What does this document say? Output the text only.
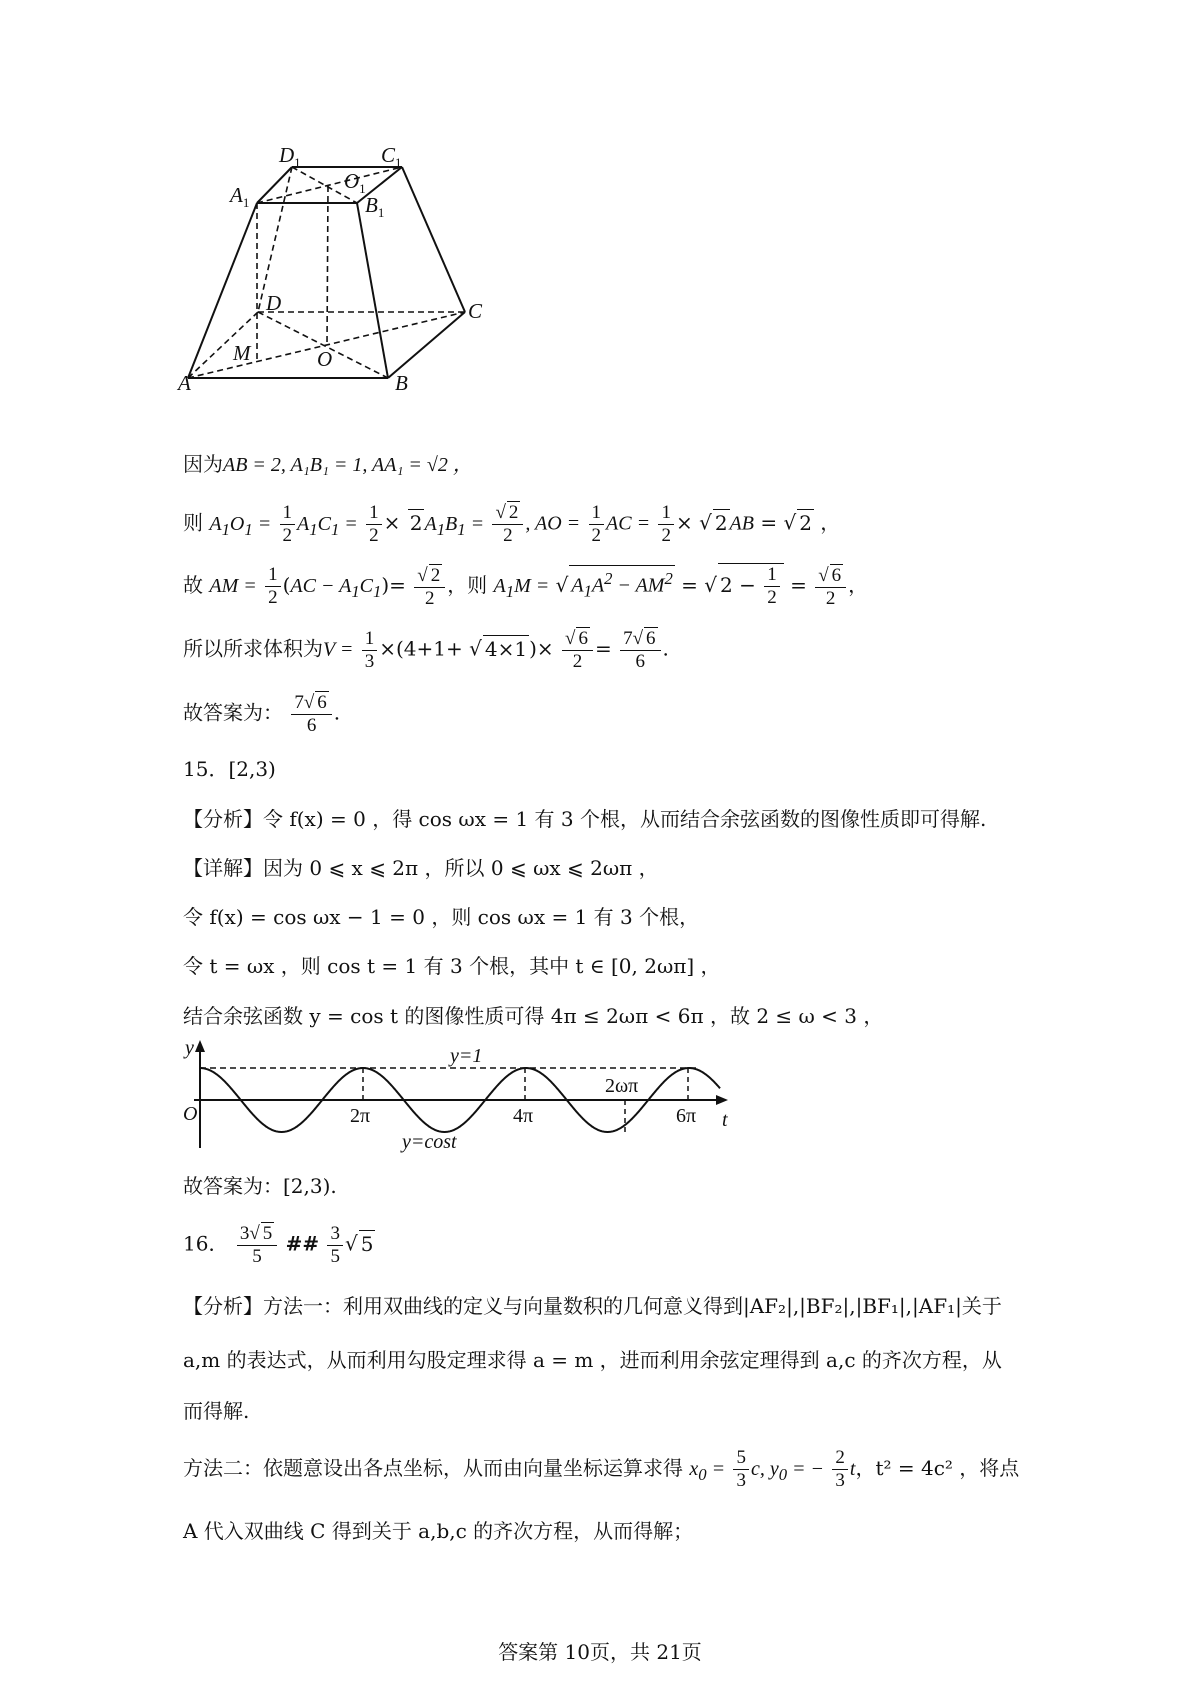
$D_1$	$C_1$
$A_1$	$B_1$
$O_1$
D	C
A	B
M	O
因为AB = 2, A₁B₁ = 1, AA₁ = √2 ，
则 $A_1O_1 = \frac{1}{2} A_1C_1 = \frac{1}{2} \times 2$ $A_1B_1 = \frac{√ 2}{2}$ , AO = $\frac{1}{2}$ AC = $\frac{1}{2}$ × √ 2 AB = √ 2 ，
故 AM = $\frac{1}{2} (AC - A_1C_1)= \frac{√ 2}{2}$ ，则 $A_1M$ = √ $A_1A^2 - AM^2$ = √ $2 - \frac{1}{2} = \frac{√ 6}{2}$ ，
所以所求体积为$V = \frac{1}{3} \times(4+1+$ √ 4×1 )× $\frac{√ 6}{2} = \frac{7√ 6}{6}$ .
故答案为： $\frac{7√ 6}{6}$ .
15．[2,3)
【分析】令 f(x) = 0 ，得 cos ωx = 1 有 3 个根，从而结合余弦函数的图像性质即可得解.
【详解】因为 0 ⩽ x ⩽ 2π ，所以 0 ⩽ ωx ⩽ 2ωπ ，
令 f(x) = cos ωx − 1 = 0 ，则 cos ωx = 1 有 3 个根，
令 t = ωx ，则 cos t = 1 有 3 个根，其中 t ∈ [0, 2ωπ] ，
结合余弦函数 y = cos t 的图像性质可得 4π ≤ 2ωπ < 6π ，故 2 ≤ ω < 3 ，
y
t
O	2π	4π	6π
y=1
2ωπ
y=cost
故答案为：[2,3).
16． $\frac{3√ 5}{5}$ ## $\frac{3}{5}$ √ 5
【分析】方法一：利用双曲线的定义与向量数积的几何意义得到|AF₂|,|BF₂|,|BF₁|,|AF₁|关于
a,m 的表达式，从而利用勾股定理求得 a = m ，进而利用余弦定理得到 a,c 的齐次方程，从
而得解.
方法二：依题意设出各点坐标，从而由向量坐标运算求得 $x_0 = \frac{5}{3} c$, $y_0$ = − $\frac{2}{3}$ t，t² = 4c² ，将点
A 代入双曲线 C 得到关于 a,b,c 的齐次方程，从而得解；
答案第 10页，共 21页
